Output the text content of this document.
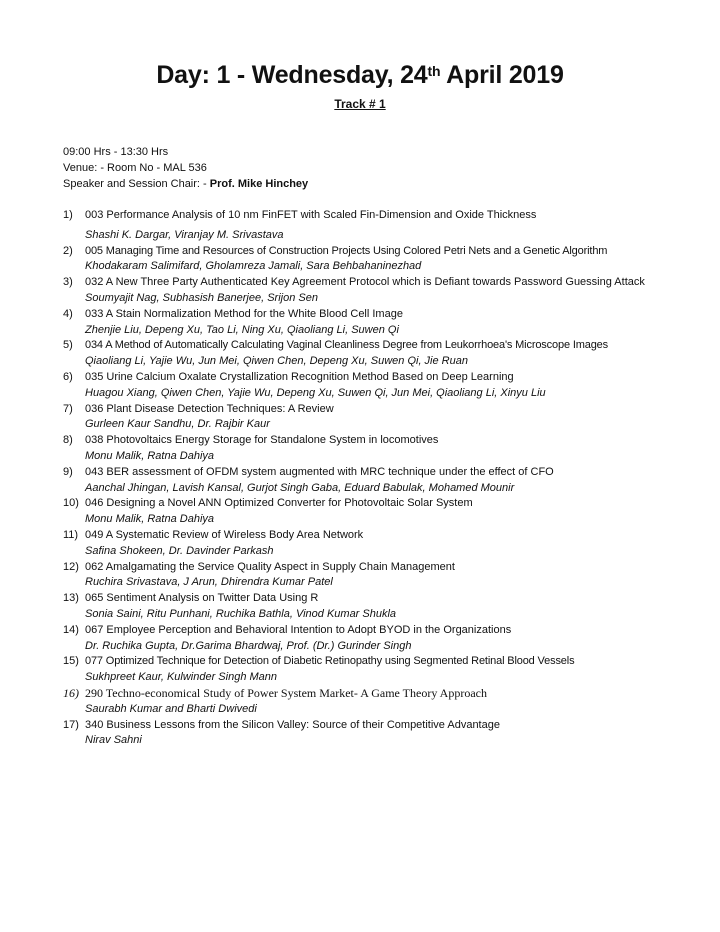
Day: 1 - Wednesday, 24th April 2019
Track # 1
09:00 Hrs - 13:30 Hrs
Venue: - Room No - MAL 536
Speaker and Session Chair: - Prof. Mike Hinchey
1)	003 Performance Analysis of 10 nm FinFET with Scaled Fin-Dimension and Oxide Thickness
Shashi K. Dargar, Viranjay M. Srivastava
2)	005 Managing Time and Resources of Construction Projects Using Colored Petri Nets and a Genetic Algorithm
Khodakaram Salimifard, Gholamreza Jamali, Sara Behbahaninezhad
3)	032 A New Three Party Authenticated Key Agreement Protocol which is Defiant towards Password Guessing Attack
Soumyajit Nag, Subhasish Banerjee, Srijon Sen
4)	033 A Stain Normalization Method for the White Blood Cell Image
Zhenjie Liu, Depeng Xu, Tao Li, Ning Xu, Qiaoliang Li, Suwen Qi
5)	034 A Method of Automatically Calculating Vaginal Cleanliness Degree from Leukorrhoea's Microscope Images
Qiaoliang Li, Yajie Wu, Jun Mei, Qiwen Chen, Depeng Xu, Suwen Qi, Jie Ruan
6)	035 Urine Calcium Oxalate Crystallization Recognition Method Based on Deep Learning
Huagou Xiang, Qiwen Chen, Yajie Wu, Depeng Xu, Suwen Qi, Jun Mei, Qiaoliang Li, Xinyu Liu
7)	036 Plant Disease Detection Techniques: A Review
Gurleen Kaur Sandhu, Dr. Rajbir Kaur
8)	038 Photovoltaics Energy Storage for Standalone System in locomotives
Monu Malik, Ratna Dahiya
9)	043 BER assessment of OFDM system augmented with MRC technique under the effect of CFO
Aanchal Jhingan, Lavish Kansal, Gurjot Singh Gaba, Eduard Babulak, Mohamed Mounir
10) 046 Designing a Novel ANN Optimized Converter for Photovoltaic Solar System
Monu Malik, Ratna Dahiya
11) 049 A Systematic Review of Wireless Body Area Network
Safina Shokeen, Dr. Davinder Parkash
12) 062 Amalgamating the Service Quality Aspect in Supply Chain Management
Ruchira Srivastava, J Arun, Dhirendra Kumar Patel
13) 065 Sentiment Analysis on Twitter Data Using R
Sonia Saini, Ritu Punhani, Ruchika Bathla, Vinod Kumar Shukla
14) 067 Employee Perception and Behavioral Intention to Adopt BYOD in the Organizations
Dr. Ruchika Gupta, Dr.Garima Bhardwaj, Prof. (Dr.) Gurinder Singh
15) 077 Optimized Technique for Detection of Diabetic Retinopathy using Segmented Retinal Blood Vessels
Sukhpreet Kaur, Kulwinder Singh Mann
16) 290 Techno-economical Study of Power System Market- A Game Theory Approach
Saurabh Kumar and Bharti Dwivedi
17) 340 Business Lessons from the Silicon Valley: Source of their Competitive Advantage
Nirav Sahni
